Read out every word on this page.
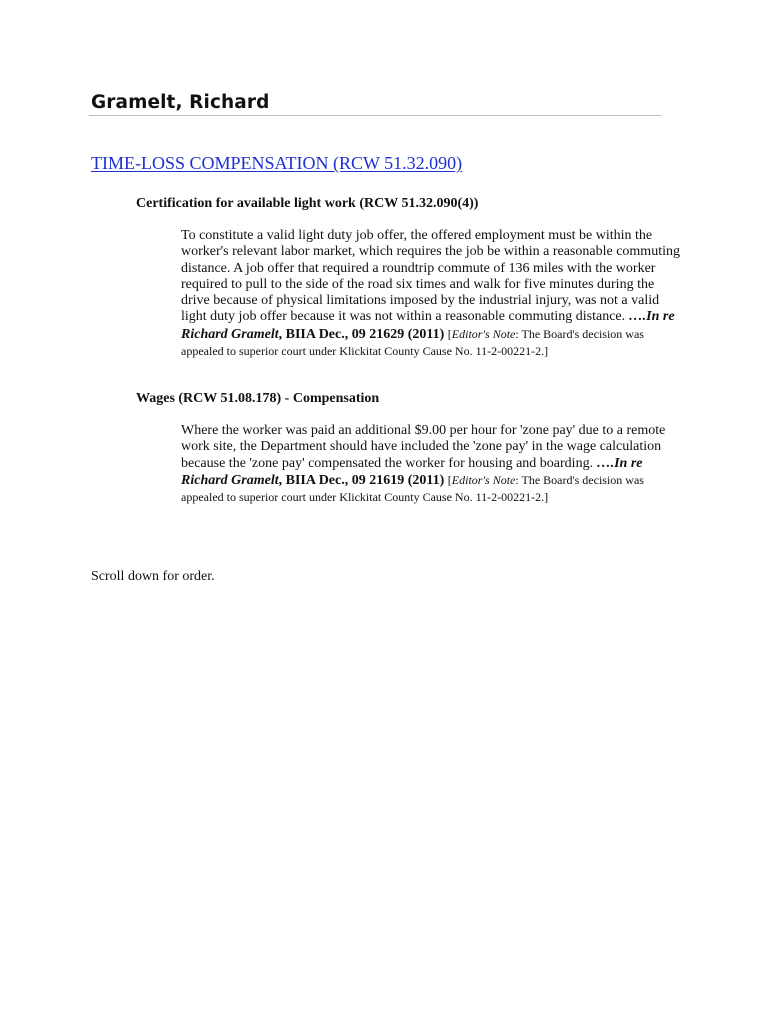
Gramelt, Richard
TIME-LOSS COMPENSATION (RCW 51.32.090)
Certification for available light work (RCW 51.32.090(4))

To constitute a valid light duty job offer, the offered employment must be within the
worker's relevant labor market, which requires the job be within a reasonable commuting
distance. A job offer that required a roundtrip commute of 136 miles with the worker
required to pull to the side of the road six times and walk for five minutes during the
drive because of physical limitations imposed by the industrial injury, was not a valid
light duty job offer because it was not within a reasonable commuting distance. ….In re
Richard Gramelt, BIIA Dec., 09 21629 (2011) [Editor's Note: The Board's decision was
appealed to superior court under Klickitat County Cause No. 11-2-00221-2.]

Wages (RCW 51.08.178) - Compensation

Where the worker was paid an additional $9.00 per hour for 'zone pay' due to a remote
work site, the Department should have included the 'zone pay' in the wage calculation
because the 'zone pay' compensated the worker for housing and boarding. ….In re
Richard Gramelt, BIIA Dec., 09 21619 (2011) [Editor's Note: The Board's decision was
appealed to superior court under Klickitat County Cause No. 11-2-00221-2.]

Scroll down for order.
